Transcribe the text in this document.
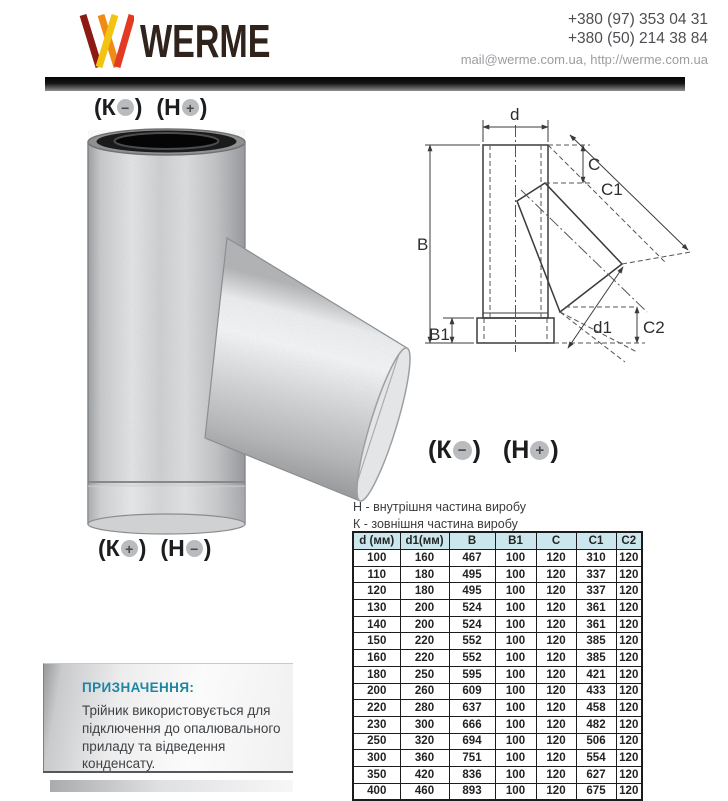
WERME	+380 (97) 353 04 31
+380 (50) 214 38 84
mail@werme.com.ua, http://werme.com.ua
( К − ) ( Н + )
( К + ) ( Н − )
( К − ) ( Н + )
d
B
B1
C
C1
C2
d1
Н - внутрішня частина виробу
К - зовнішня частина виробу
d (мм)	d1(мм)	B	B1	C	C1	C2
100	160	467	100	120	310	120
110	180	495	100	120	337	120
120	180	495	100	120	337	120
130	200	524	100	120	361	120
140	200	524	100	120	361	120
150	220	552	100	120	385	120
160	220	552	100	120	385	120
180	250	595	100	120	421	120
200	260	609	100	120	433	120
220	280	637	100	120	458	120
230	300	666	100	120	482	120
250	320	694	100	120	506	120
300	360	751	100	120	554	120
350	420	836	100	120	627	120
400	460	893	100	120	675	120
ПРИЗНАЧЕННЯ:
Трійник використовується для підключення до опалювального приладу та відведення конденсату.
